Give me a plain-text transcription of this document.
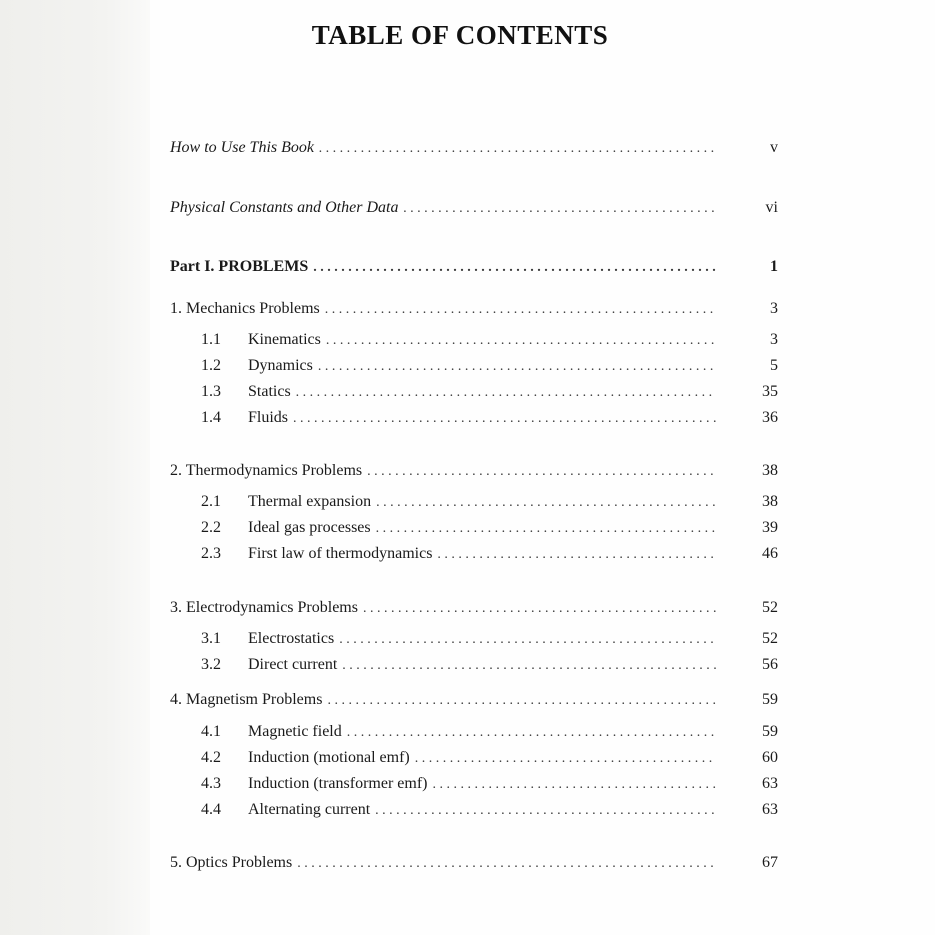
TABLE OF CONTENTS
How to Use This Book . . .	v
Physical Constants and Other Data . . .	vi
Part I. PROBLEMS . . .	1
1. Mechanics Problems . . .	3
1.1	Kinematics . . .	3
1.2	Dynamics . . .	5
1.3	Statics . . .	35
1.4	Fluids . . .	36
2. Thermodynamics Problems . . .	38
2.1	Thermal expansion . . .	38
2.2	Ideal gas processes . . .	39
2.3	First law of thermodynamics . . .	46
3. Electrodynamics Problems . . .	52
3.1	Electrostatics . . .	52
3.2	Direct current . . .	56
4. Magnetism Problems . . .	59
4.1	Magnetic field . . .	59
4.2	Induction (motional emf) . . .	60
4.3	Induction (transformer emf) . . .	63
4.4	Alternating current . . .	63
5. Optics Problems . . .	67
